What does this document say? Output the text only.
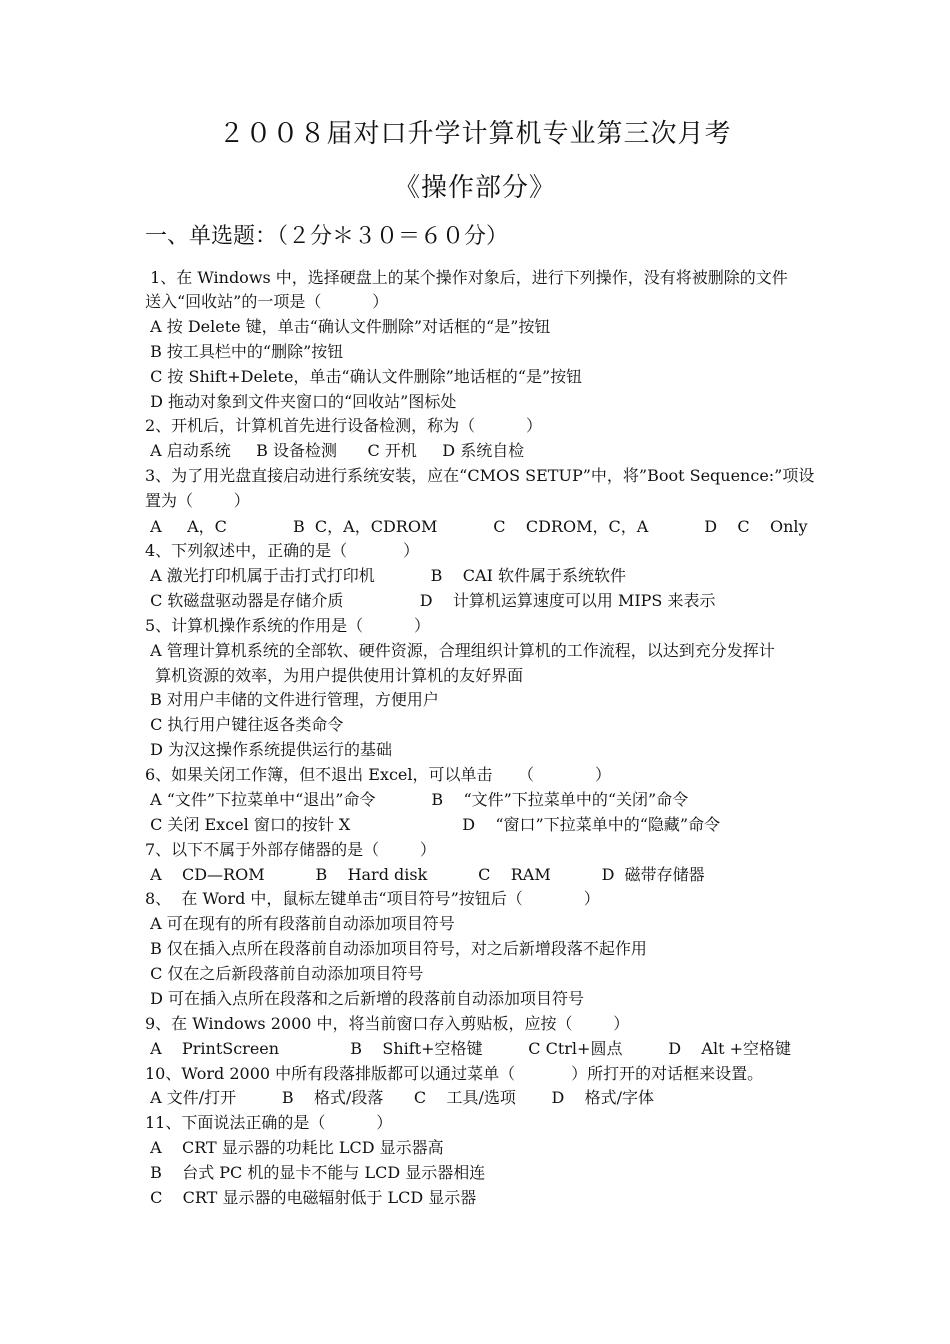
２００８届对口升学计算机专业第三次月考
《操作部分》
一、单选题：（２分＊３０＝６０分）
1、在 Windows 中，选择硬盘上的某个操作对象后，进行下列操作，没有将被删除的文件
送入“回收站”的一项是（          ）
A 按 Delete 键，单击“确认文件删除”对话框的“是”按钮
B 按工具栏中的“删除”按钮
C 按 Shift+Delete，单击“确认文件删除”地话框的“是”按钮
D 拖动对象到文件夹窗口的“回收站”图标处
2、开机后，计算机首先进行设备检测，称为（          ）
A 启动系统     B 设备检测      C 开机     D 系统自检
3、为了用光盘直接启动进行系统安装，应在“CMOS SETUP”中，将”Boot Sequence:”项设
置为（        ）
A     A，C             B  C，A，CDROM           C    CDROM，C，A           D    C    Only
4、下列叙述中，正确的是（           ）
A 激光打印机属于击打式打印机           B    CAI 软件属于系统软件
C 软磁盘驱动器是存储介质               D    计算机运算速度可以用 MIPS 来表示
5、计算机操作系统的作用是（          ）
A 管理计算机系统的全部软、硬件资源，合理组织计算机的工作流程，以达到充分发挥计
算机资源的效率，为用户提供使用计算机的友好界面
B 对用户丰储的文件进行管理，方便用户
C 执行用户键往返各类命令
D 为汉这操作系统提供运行的基础
6、如果关闭工作簿，但不退出 Excel，可以单击     （            ）
A “文件”下拉菜单中“退出”命令           B    “文件”下拉菜单中的“关闭”命令
C 关闭 Excel 窗口的按针 X                      D    “窗口”下拉菜单中的“隐藏”命令
7、以下不属于外部存储器的是（        ）
A    CD—ROM          B    Hard disk          C    RAM          D  磁带存储器
8、  在 Word 中，鼠标左键单击“项目符号”按钮后（            ）
A 可在现有的所有段落前自动添加项目符号
B 仅在插入点所在段落前自动添加项目符号，对之后新增段落不起作用
C 仅在之后新段落前自动添加项目符号
D 可在插入点所在段落和之后新增的段落前自动添加项目符号
9、在 Windows 2000 中，将当前窗口存入剪贴板，应按（        ）
A    PrintScreen              B    Shift+空格键         C Ctrl+圆点         D    Alt +空格键
10、Word 2000 中所有段落排版都可以通过菜单（           ）所打开的对话框来设置。
A 文件/打开         B    格式/段落      C    工具/选项       D    格式/字体
11、下面说法正确的是（          ）
A    CRT 显示器的功耗比 LCD 显示器高
B    台式 PC 机的显卡不能与 LCD 显示器相连
C    CRT 显示器的电磁辐射低于 LCD 显示器
